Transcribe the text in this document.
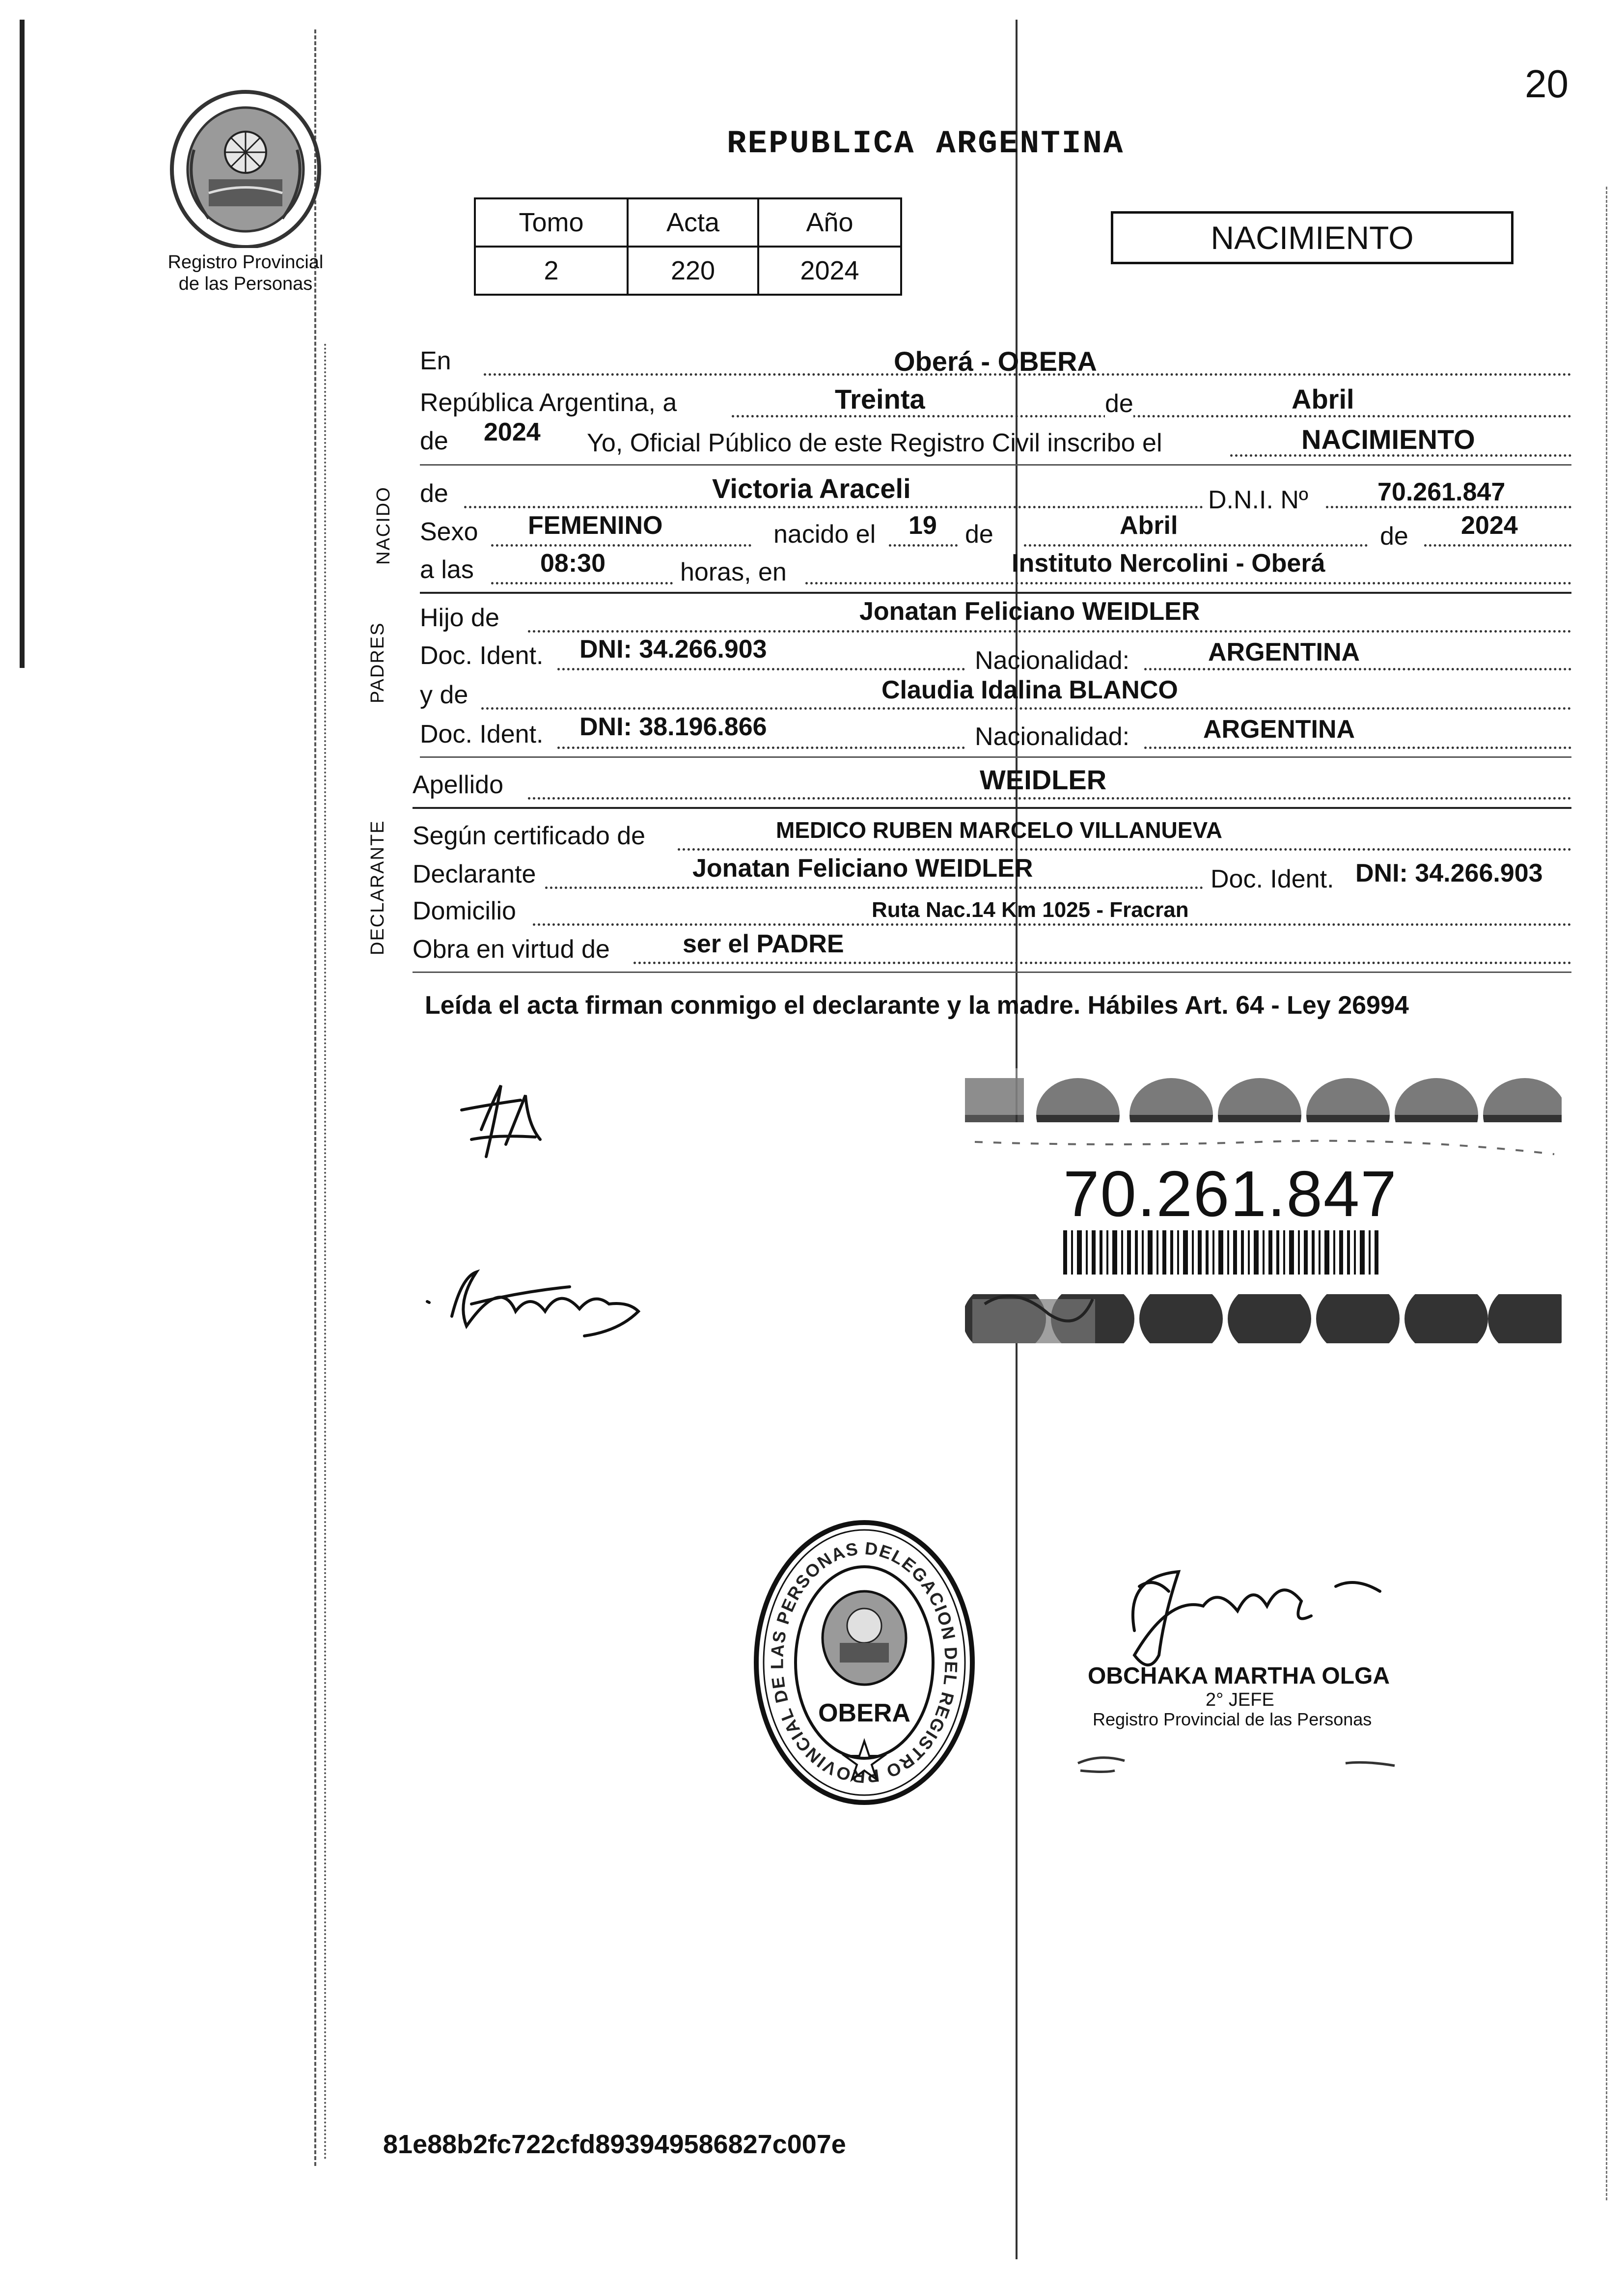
20
Registro Provincial
de las Personas
REPUBLICA ARGENTINA
Tomo	Acta	Año
2	220	2024
NACIMIENTO
NACIDO
PADRES
DECLARANTE
En	Oberá - OBERA
República Argentina, a	Treinta	de	Abril
de 2024 Yo, Oficial Público de este Registro Civil inscribo el	NACIMIENTO
de	Victoria Araceli	D.N.I. Nº	70.261.847
Sexo FEMENINO	nacido el 19 de	Abril	de 2024
a las	08:30	horas, en	Instituto Nercolini - Oberá
Hijo de	Jonatan Feliciano WEIDLER
Doc. Ident. DNI: 34.266.903	Nacionalidad:	ARGENTINA
y de	Claudia Idalina BLANCO
Doc. Ident. DNI: 38.196.866	Nacionalidad:	ARGENTINA
Apellido	WEIDLER
Según certificado de	MEDICO RUBEN MARCELO VILLANUEVA
Declarante	Jonatan Feliciano WEIDLER	Doc. Ident. DNI: 34.266.903
Domicilio	Ruta Nac.14 Km 1025 - Fracran
Obra en virtud de	ser el PADRE
Leída el acta firman conmigo el declarante y la madre. Hábiles Art. 64 - Ley 26994
70.261.847
DELEGACION DEL REGISTRO PROVINCIAL DE LAS PERSONAS
OBERA
OBCHAKA MARTHA OLGA
2° JEFE
Registro Provincial de las Personas
81e88b2fc722cfd893949586827c007e
